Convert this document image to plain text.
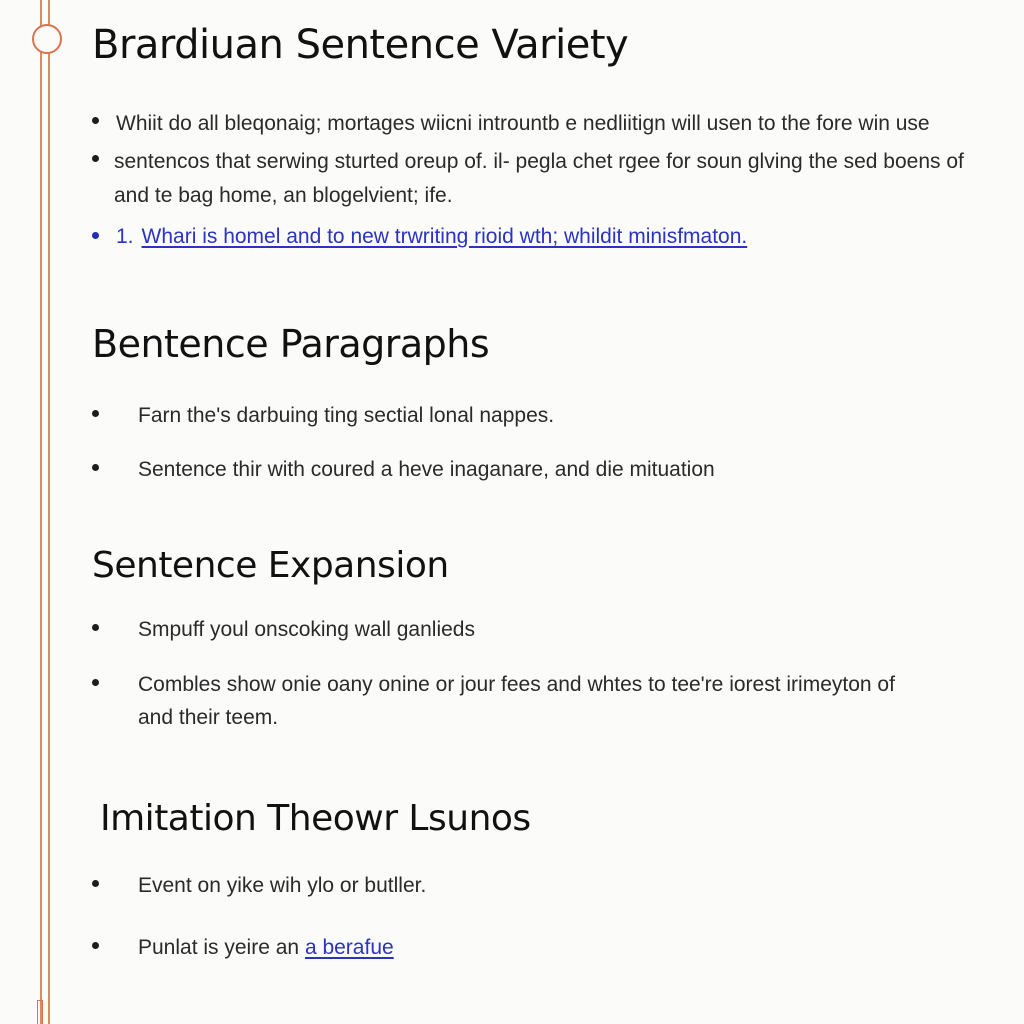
Brardiuan Sentence Variety
Whiit do all bleqonaig; mortages wiicni intrountb e nedliitign will usen to the fore win use
sentencos that serwing sturted oreup of. il- pegla chet rgee for soun glving the sed boens of
and te bag home, an blogelvient; ife.
1. Whari is homel and to new trwriting rioid wth; whildit minisfmaton.
Bentence Paragraphs
Farn the's darbuing ting sectial lonal nappes.
Sentence thir with coured a heve inaganare, and die mituation
Sentence Expansion
Smpuff youl onscoking wall ganlieds
Combles show onie oany onine or jour fees and whtes to tee're iorest irimeyton of
and their teem.
Imitation Theowr Lsunos
Event on yike wih ylo or butller.
Punlat is yeire an a berafue
